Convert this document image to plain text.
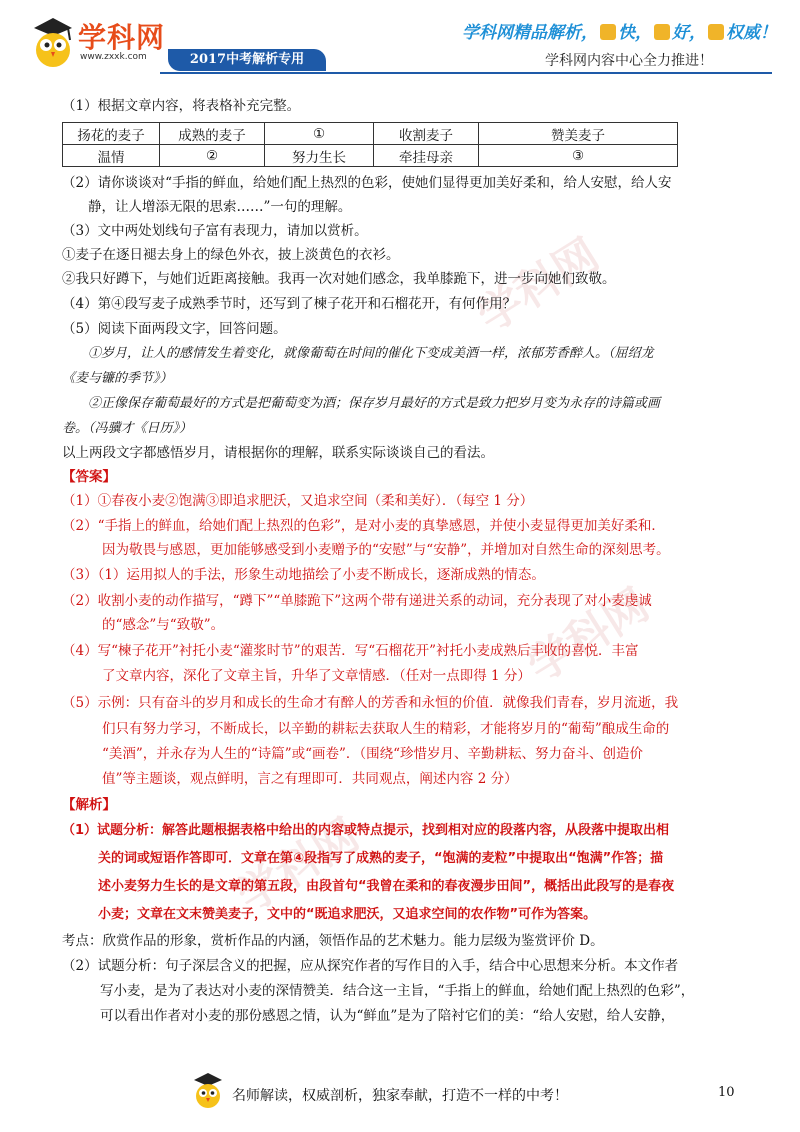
学科网
学科网
学科网
学科网
www.zxxk.com	2017中考解析专用
学科网精品解析， 快， 好， 权威！
学科网内容中心全力推进！
（1）根据文章内容，将表格补充完整。
扬花的麦子	成熟的麦子	①	收割麦子	赞美麦子
温情	②	努力生长	牵挂母亲	③
（2）请你谈谈对“手指的鲜血，给她们配上热烈的色彩，使她们显得更加美好柔和，给人安慰，给人安
静，让人增添无限的思索……”一句的理解。
（3）文中两处划线句子富有表现力，请加以赏析。
①麦子在逐日褪去身上的绿色外衣，披上淡黄色的衣衫。
②我只好蹲下，与她们近距离接触。我再一次对她们感念，我单膝跪下，进一步向她们致敬。
（4）第④段写麦子成熟季节时，还写到了楝子花开和石榴花开，有何作用？
（5）阅读下面两段文字，回答问题。
①岁月，让人的感情发生着变化，就像葡萄在时间的催化下变成美酒一样，浓郁芳香醉人。（屈绍龙
《麦与镰的季节》）
②正像保存葡萄最好的方式是把葡萄变为酒；保存岁月最好的方式是致力把岁月变为永存的诗篇或画
卷。（冯骥才《日历》）
以上两段文字都感悟岁月，请根据你的理解，联系实际谈谈自己的看法。
【答案】
（1）①春夜小麦②饱满③即追求肥沃，又追求空间（柔和美好）．（每空 1 分）
（2）“手指上的鲜血，给她们配上热烈的色彩”，是对小麦的真挚感恩，并使小麦显得更加美好柔和．
因为敬畏与感恩，更加能够感受到小麦赠予的“安慰”与“安静”，并增加对自然生命的深刻思考。
（3）（1）运用拟人的手法，形象生动地描绘了小麦不断成长，逐渐成熟的情态。
（2）收割小麦的动作描写，“蹲下”“单膝跪下”这两个带有递进关系的动词，充分表现了对小麦虔诚
的“感念”与“致敬”。
（4）写“楝子花开”衬托小麦“灌浆时节”的艰苦．写“石榴花开”衬托小麦成熟后丰收的喜悦．丰富
了文章内容，深化了文章主旨，升华了文章情感．（任对一点即得 1 分）
（5）示例：只有奋斗的岁月和成长的生命才有醉人的芳香和永恒的价值．就像我们青春，岁月流逝，我
们只有努力学习，不断成长，以辛勤的耕耘去获取人生的精彩，才能将岁月的“葡萄”酿成生命的
“美酒”，并永存为人生的“诗篇”或“画卷”．（围绕“珍惜岁月、辛勤耕耘、努力奋斗、创造价
值”等主题谈，观点鲜明，言之有理即可．共同观点，阐述内容 2 分）
【解析】
（1）试题分析：解答此题根据表格中给出的内容或特点提示，找到相对应的段落内容，从段落中提取出相
关的词或短语作答即可．文章在第④段指写了成熟的麦子，“饱满的麦粒”中提取出“饱满”作答；描
述小麦努力生长的是文章的第五段，由段首句“我曾在柔和的春夜漫步田间”，概括出此段写的是春夜
小麦；文章在文末赞美麦子，文中的“既追求肥沃，又追求空间的农作物”可作为答案。
考点：欣赏作品的形象，赏析作品的内涵，领悟作品的艺术魅力。能力层级为鉴赏评价 D。
（2）试题分析：句子深层含义的把握，应从探究作者的写作目的入手，结合中心思想来分析。本文作者
写小麦，是为了表达对小麦的深情赞美．结合这一主旨，“手指上的鲜血，给她们配上热烈的色彩”，
可以看出作者对小麦的那份感恩之情，认为“鲜血”是为了陪衬它们的美：“给人安慰，给人安静，
名师解读，权威剖析，独家奉献，打造不一样的中考！	10
